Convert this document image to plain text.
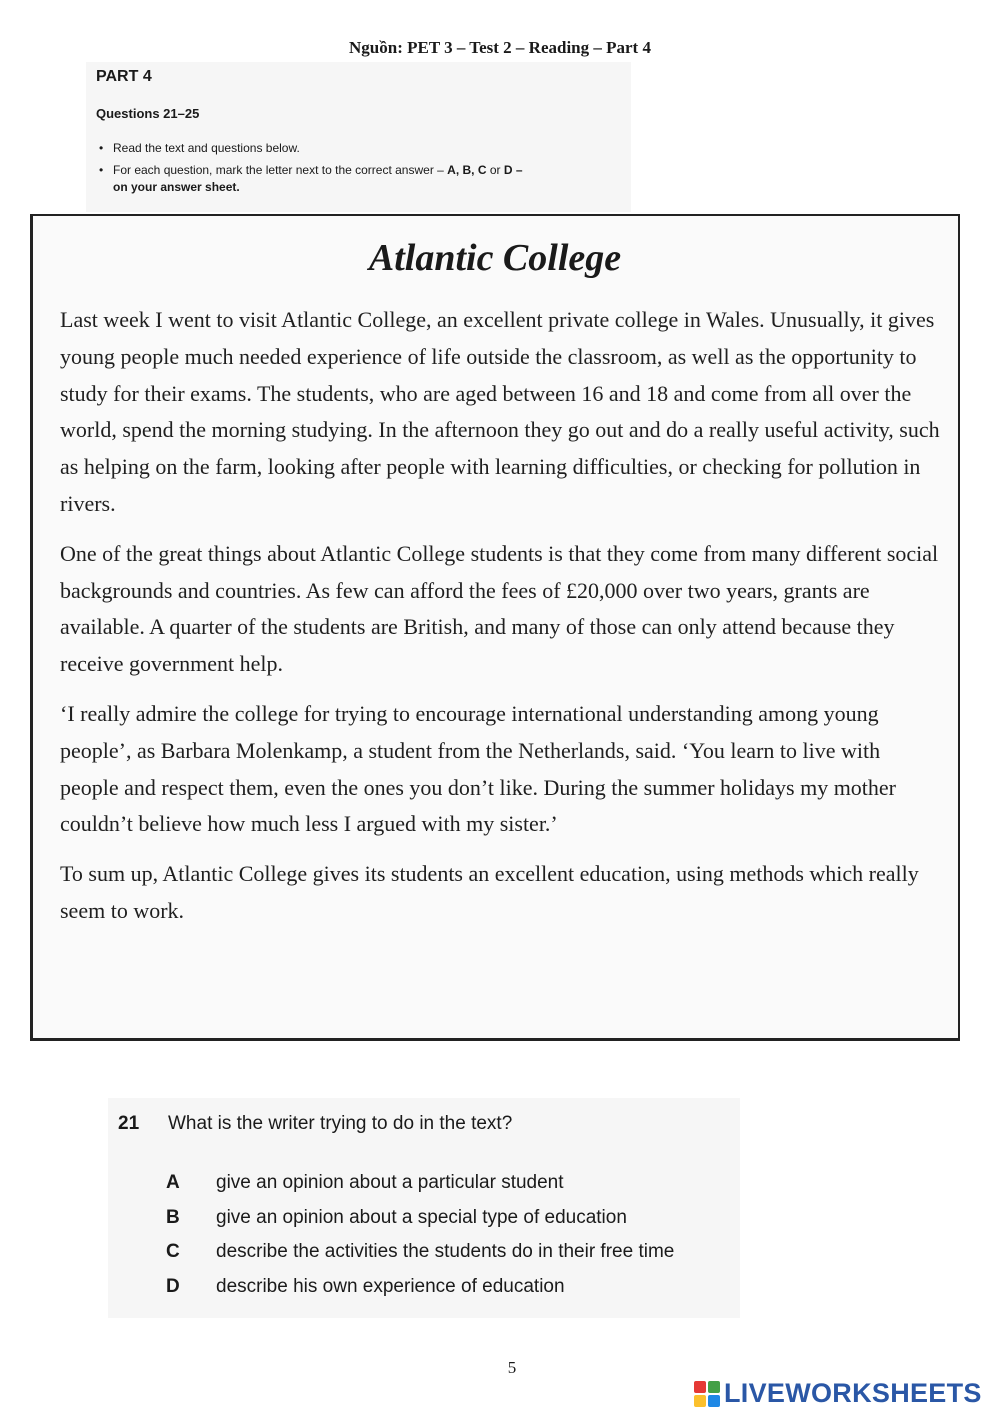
Nguồn: PET 3 – Test 2 – Reading – Part 4
PART 4
Questions 21–25
• Read the text and questions below.
• For each question, mark the letter next to the correct answer – A, B, C or D –
on your answer sheet.
Atlantic College

Last week I went to visit Atlantic College, an excellent private college in Wales. Unusually, it gives young people much needed experience of life outside the classroom, as well as the opportunity to study for their exams. The students, who are aged between 16 and 18 and come from all over the world, spend the morning studying. In the afternoon they go out and do a really useful activity, such as helping on the farm, looking after people with learning difficulties, or checking for pollution in rivers.

One of the great things about Atlantic College students is that they come from many different social backgrounds and countries. As few can afford the fees of £20,000 over two years, grants are available. A quarter of the students are British, and many of those can only attend because they receive government help.

‘I really admire the college for trying to encourage international understanding among young people’, as Barbara Molenkamp, a student from the Netherlands, said. ‘You learn to live with people and respect them, even the ones you don’t like. During the summer holidays my mother couldn’t believe how much less I argued with my sister.’

To sum up, Atlantic College gives its students an excellent education, using methods which really seem to work.

21 What is the writer trying to do in the text?
A	give an opinion about a particular student
B	give an opinion about a special type of education
C	describe the activities the students do in their free time
D	describe his own experience of education
5
LIVEWORKSHEETS
